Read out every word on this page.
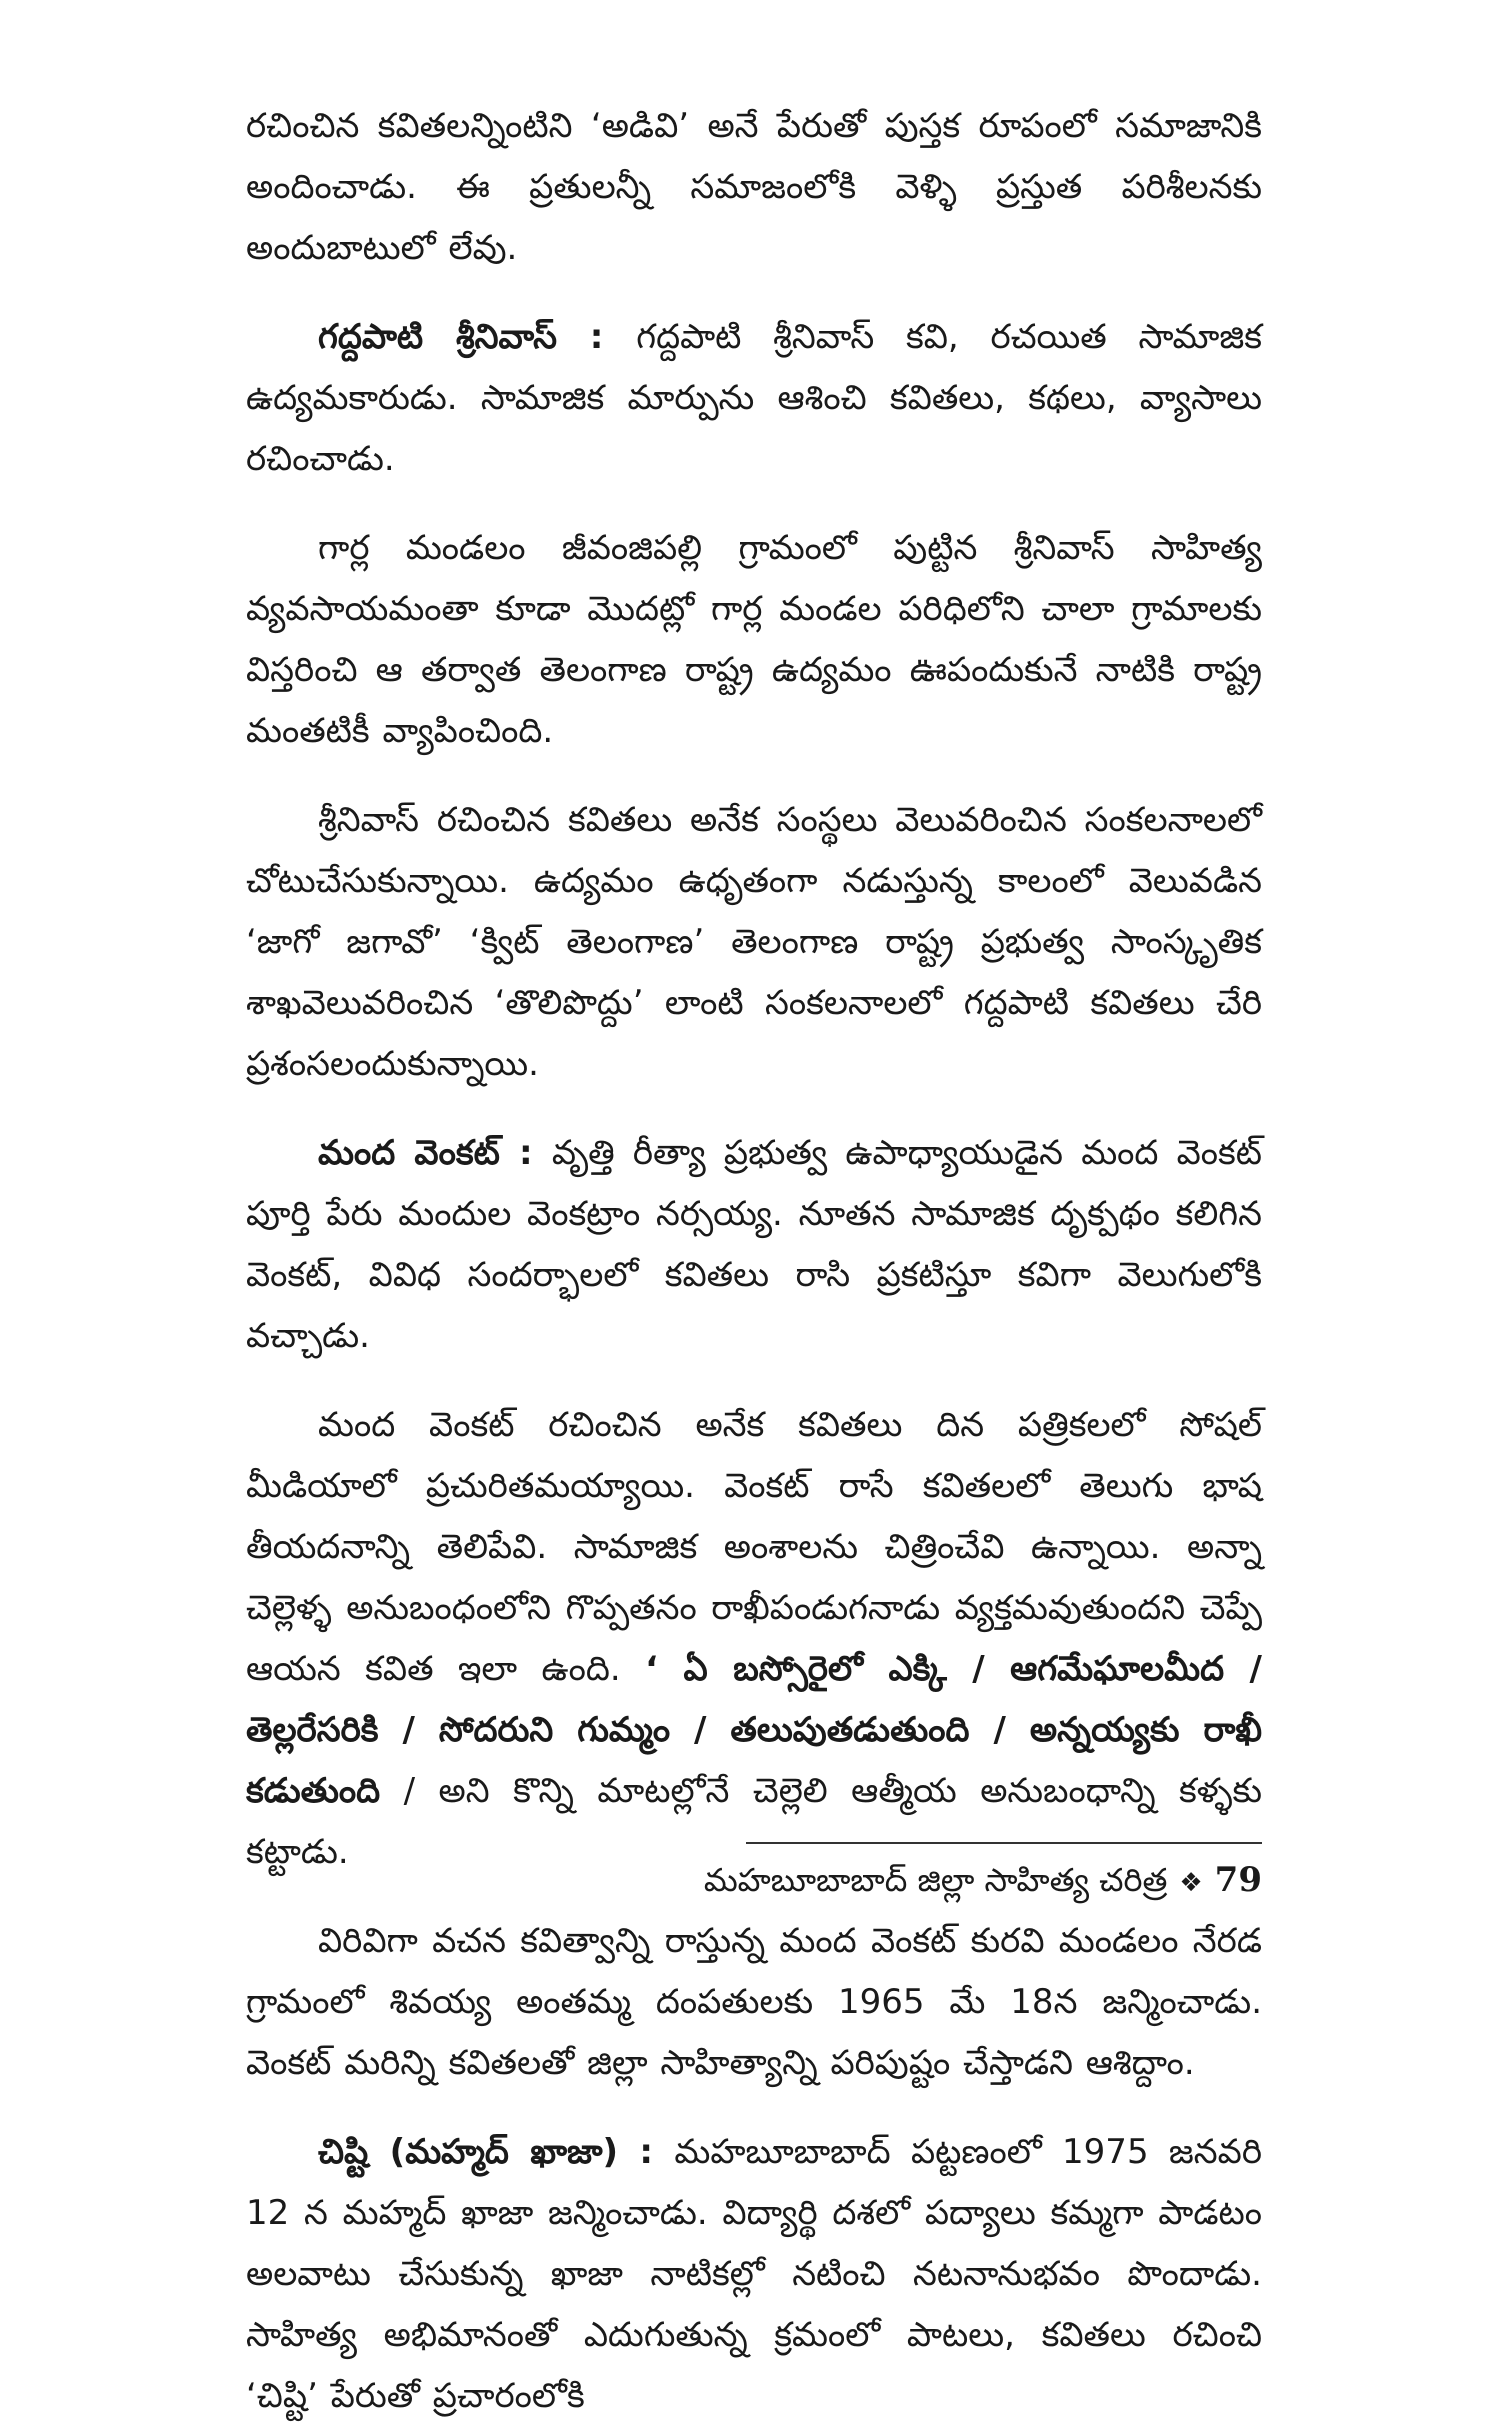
రచించిన కవితలన్నింటిని ‘అడివి’ అనే పేరుతో పుస్తక రూపంలో సమాజానికి అందించాడు. ఈ ప్రతులన్నీ సమాజంలోకి వెళ్ళి ప్రస్తుత పరిశీలనకు అందుబాటులో లేవు.

గద్దపాటి శ్రీనివాస్ : గద్దపాటి శ్రీనివాస్ కవి, రచయిత సామాజిక ఉద్యమకారుడు. సామాజిక మార్పును ఆశించి కవితలు, కథలు, వ్యాసాలు రచించాడు.

గార్ల మండలం జీవంజిపల్లి గ్రామంలో పుట్టిన శ్రీనివాస్ సాహిత్య వ్యవసాయమంతా కూడా మొదట్లో గార్ల మండల పరిధిలోని చాలా గ్రామాలకు విస్తరించి ఆ తర్వాత తెలంగాణ రాష్ట్ర ఉద్యమం ఊపందుకునే నాటికి రాష్ట్ర మంతటికీ వ్యాపించింది.

శ్రీనివాస్ రచించిన కవితలు అనేక సంస్థలు వెలువరించిన సంకలనాలలో చోటుచేసుకున్నాయి. ఉద్యమం ఉధృతంగా నడుస్తున్న కాలంలో వెలువడిన ‘జాగో జగావో’ ‘క్విట్ తెలంగాణ’ తెలంగాణ రాష్ట్ర ప్రభుత్వ సాంస్కృతిక శాఖవెలువరించిన ‘తొలిపొద్దు’ లాంటి సంకలనాలలో గద్దపాటి కవితలు చేరి ప్రశంసలందుకున్నాయి.

మంద వెంకట్ : వృత్తి రీత్యా ప్రభుత్వ ఉపాధ్యాయుడైన మంద వెంకట్ పూర్తి పేరు మందుల వెంకట్రాం నర్సయ్య. నూతన సామాజిక దృక్పథం కలిగిన వెంకట్, వివిధ సందర్భాలలో కవితలు రాసి ప్రకటిస్తూ కవిగా వెలుగులోకి వచ్చాడు.

మంద వెంకట్ రచించిన అనేక కవితలు దిన పత్రికలలో సోషల్ మీడియాలో ప్రచురితమయ్యాయి. వెంకట్ రాసే కవితలలో తెలుగు భాష తీయదనాన్ని తెలిపేవి. సామాజిక అంశాలను చిత్రించేవి ఉన్నాయి. అన్నా చెల్లెళ్ళ అనుబంధంలోని గొప్పతనం రాఖీపండుగనాడు వ్యక్తమవుతుందని చెప్పే ఆయన కవిత ఇలా ఉంది. ‘ ఏ బస్సోరైలో ఎక్కి / ఆగమేఘాలమీద /తెల్లరేసరికి / సోదరుని గుమ్మం / తలుపుతడుతుంది / అన్నయ్యకు రాఖీ కడుతుంది / అని కొన్ని మాటల్లోనే చెల్లెలి ఆత్మీయ అనుబంధాన్ని కళ్ళకు కట్టాడు.

విరివిగా వచన కవిత్వాన్ని రాస్తున్న మంద వెంకట్ కురవి మండలం నేరడ గ్రామంలో శివయ్య అంతమ్మ దంపతులకు 1965 మే 18న జన్మించాడు. వెంకట్ మరిన్ని కవితలతో జిల్లా సాహిత్యాన్ని పరిపుష్టం చేస్తాడని ఆశిద్దాం.

చిష్టి (మహ్మద్ ఖాజా) : మహబూబాబాద్ పట్టణంలో 1975 జనవరి 12 న మహ్మద్ ఖాజా జన్మించాడు. విద్యార్థి దశలో పద్యాలు కమ్మగా పాడటం అలవాటు చేసుకున్న ఖాజా నాటికల్లో నటించి నటనానుభవం పొందాడు. సాహిత్య అభిమానంతో ఎదుగుతున్న క్రమంలో పాటలు, కవితలు రచించి ‘చిష్టి’ పేరుతో ప్రచారంలోకి

మహబూబాబాద్ జిల్లా సాహిత్య చరిత్ర ❖ 79
